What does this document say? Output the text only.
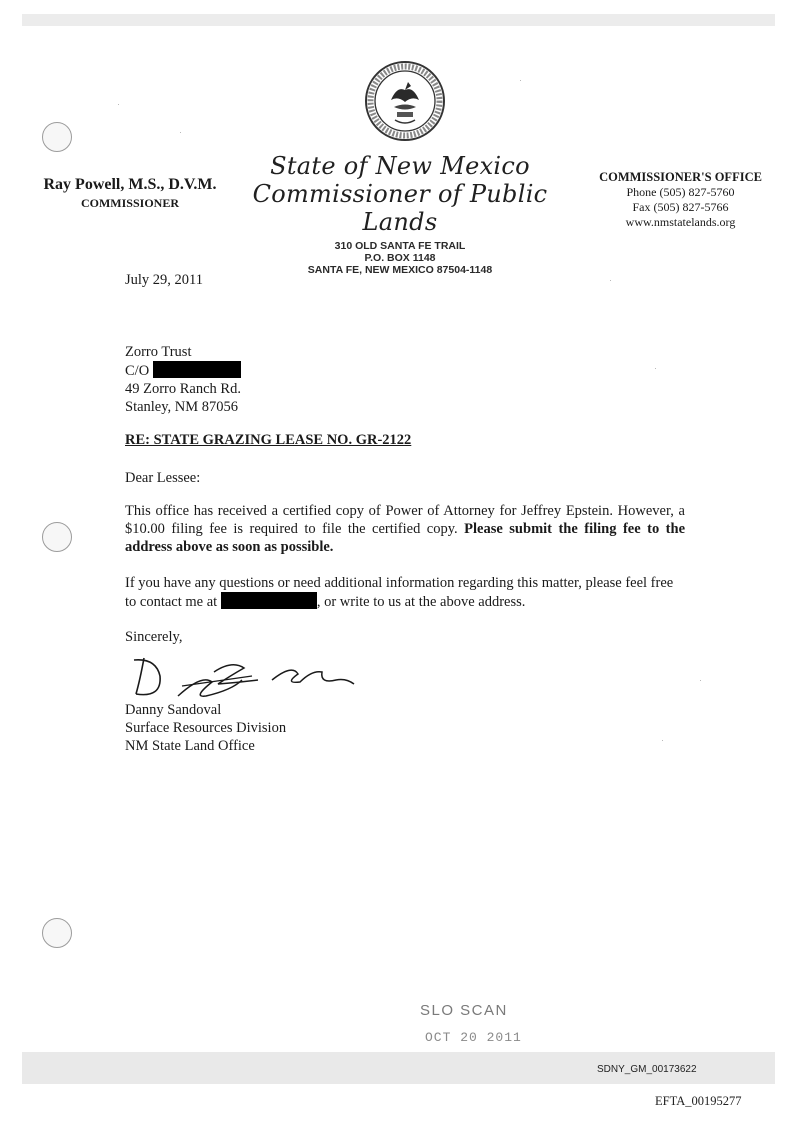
Ray Powell, M.S., D.V.M.
COMMISSIONER
State of New Mexico
Commissioner of Public Lands
310 OLD SANTA FE TRAIL
P.O. BOX 1148
SANTA FE, NEW MEXICO 87504-1148
COMMISSIONER'S OFFICE
Phone (505) 827-5760
Fax (505) 827-5766
www.nmstatelands.org
July 29, 2011
Zorro Trust
C/O
49 Zorro Ranch Rd.
Stanley, NM 87056
RE: STATE GRAZING LEASE NO. GR-2122
Dear Lessee:
This office has received a certified copy of Power of Attorney for Jeffrey Epstein. However, a $10.00 filing fee is required to file the certified copy. Please submit the filing fee to the address above as soon as possible.
If you have any questions or need additional information regarding this matter, please feel free to contact me at	, or write to us at the above address.
Sincerely,
Danny Sandoval
Surface Resources Division
NM State Land Office
SLO SCAN
OCT 20 2011
SDNY_GM_00173622
EFTA_00195277
